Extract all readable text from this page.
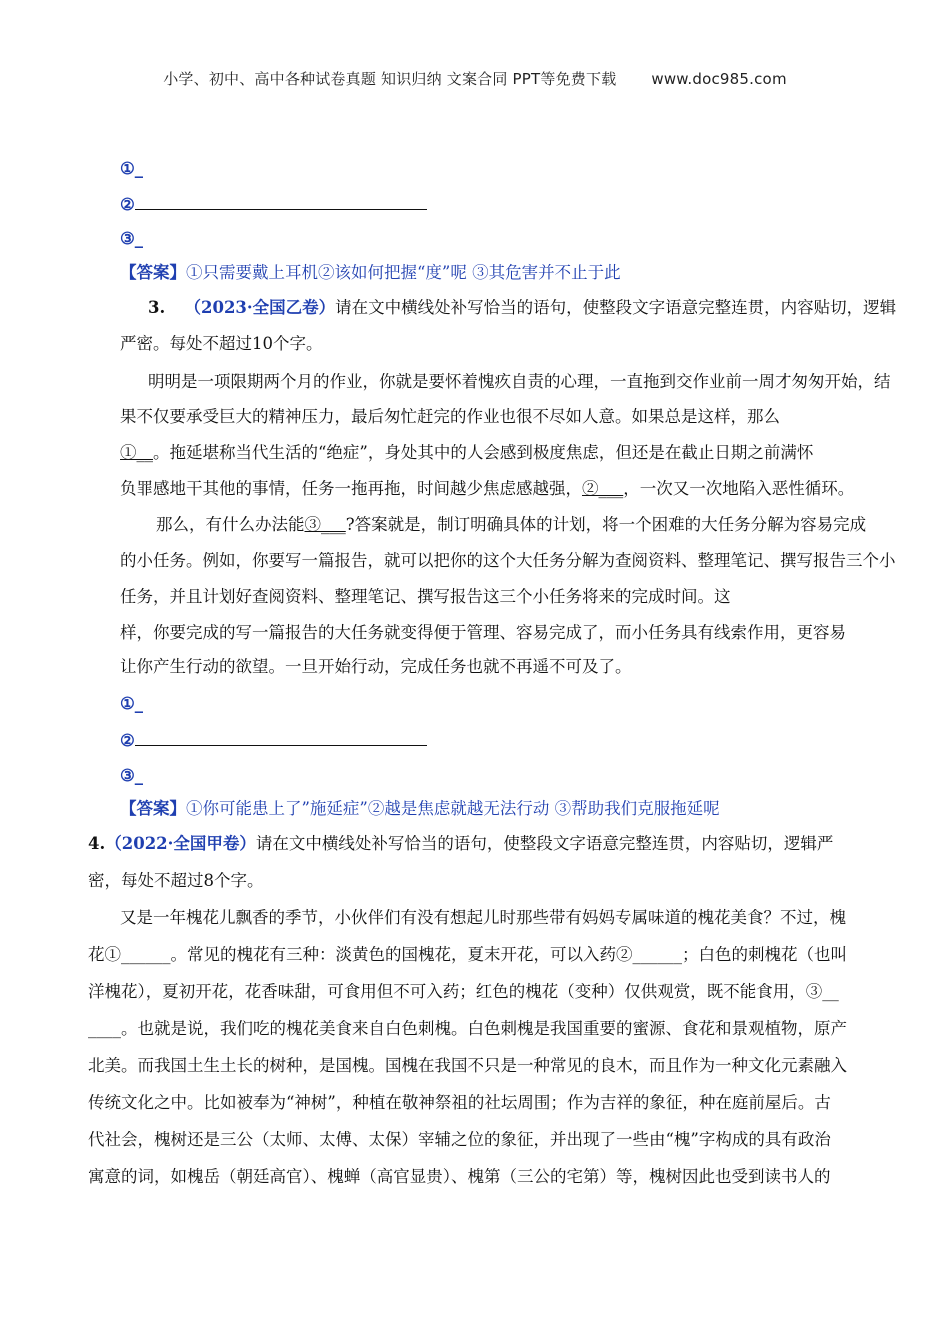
小学、初中、高中各种试卷真题 知识归纳 文案合同 PPT等免费下载 www.doc985.com
①_
②
③_
【答案】①只需要戴上耳机②该如何把握“度”呢 ③其危害并不止于此
3. （2023·全国乙卷）请在文中横线处补写恰当的语句，使整段文字语意完整连贯，内容贴切，逻辑
严密。每处不超过10个字。
明明是一项限期两个月的作业，你就是要怀着愧疚自责的心理，一直拖到交作业前一周才匆匆开始，结
果不仅要承受巨大的精神压力，最后匆忙赶完的作业也很不尽如人意。如果总是这样，那么
①__。拖延堪称当代生活的“绝症”，身处其中的人会感到极度焦虑，但还是在截止日期之前满怀
负罪感地干其他的事情，任务一拖再拖，时间越少焦虑感越强，②___，一次又一次地陷入恶性循环。
那么，有什么办法能③___?答案就是，制订明确具体的计划，将一个困难的大任务分解为容易完成
的小任务。例如，你要写一篇报告，就可以把你的这个大任务分解为查阅资料、整理笔记、撰写报告三个小
任务，并且计划好查阅资料、整理笔记、撰写报告这三个小任务将来的完成时间。这
样，你要完成的写一篇报告的大任务就变得便于管理、容易完成了，而小任务具有线索作用，更容易
让你产生行动的欲望。一旦开始行动，完成任务也就不再遥不可及了。
①_
②
③_
【答案】①你可能患上了”施延症”②越是焦虑就越无法行动 ③帮助我们克服拖延呢
4.（2022·全国甲卷）请在文中横线处补写恰当的语句，使整段文字语意完整连贯，内容贴切，逻辑严
密，每处不超过8个字。
又是一年槐花儿飘香的季节，小伙伴们有没有想起儿时那些带有妈妈专属味道的槐花美食？不过，槐
花①______。常见的槐花有三种：淡黄色的国槐花，夏末开花，可以入药②______；白色的刺槐花（也叫
洋槐花），夏初开花，花香味甜，可食用但不可入药；红色的槐花（变种）仅供观赏，既不能食用，③__
____。也就是说，我们吃的槐花美食来自白色刺槐。白色刺槐是我国重要的蜜源、食花和景观植物，原产
北美。而我国土生土长的树种，是国槐。国槐在我国不只是一种常见的良木，而且作为一种文化元素融入
传统文化之中。比如被奉为“神树”，种植在敬神祭祖的社坛周围；作为吉祥的象征，种在庭前屋后。古
代社会，槐树还是三公（太师、太傅、太保）宰辅之位的象征，并出现了一些由“槐”字构成的具有政治
寓意的词，如槐岳（朝廷高官）、槐蝉（高官显贵）、槐第（三公的宅第）等，槐树因此也受到读书人的
